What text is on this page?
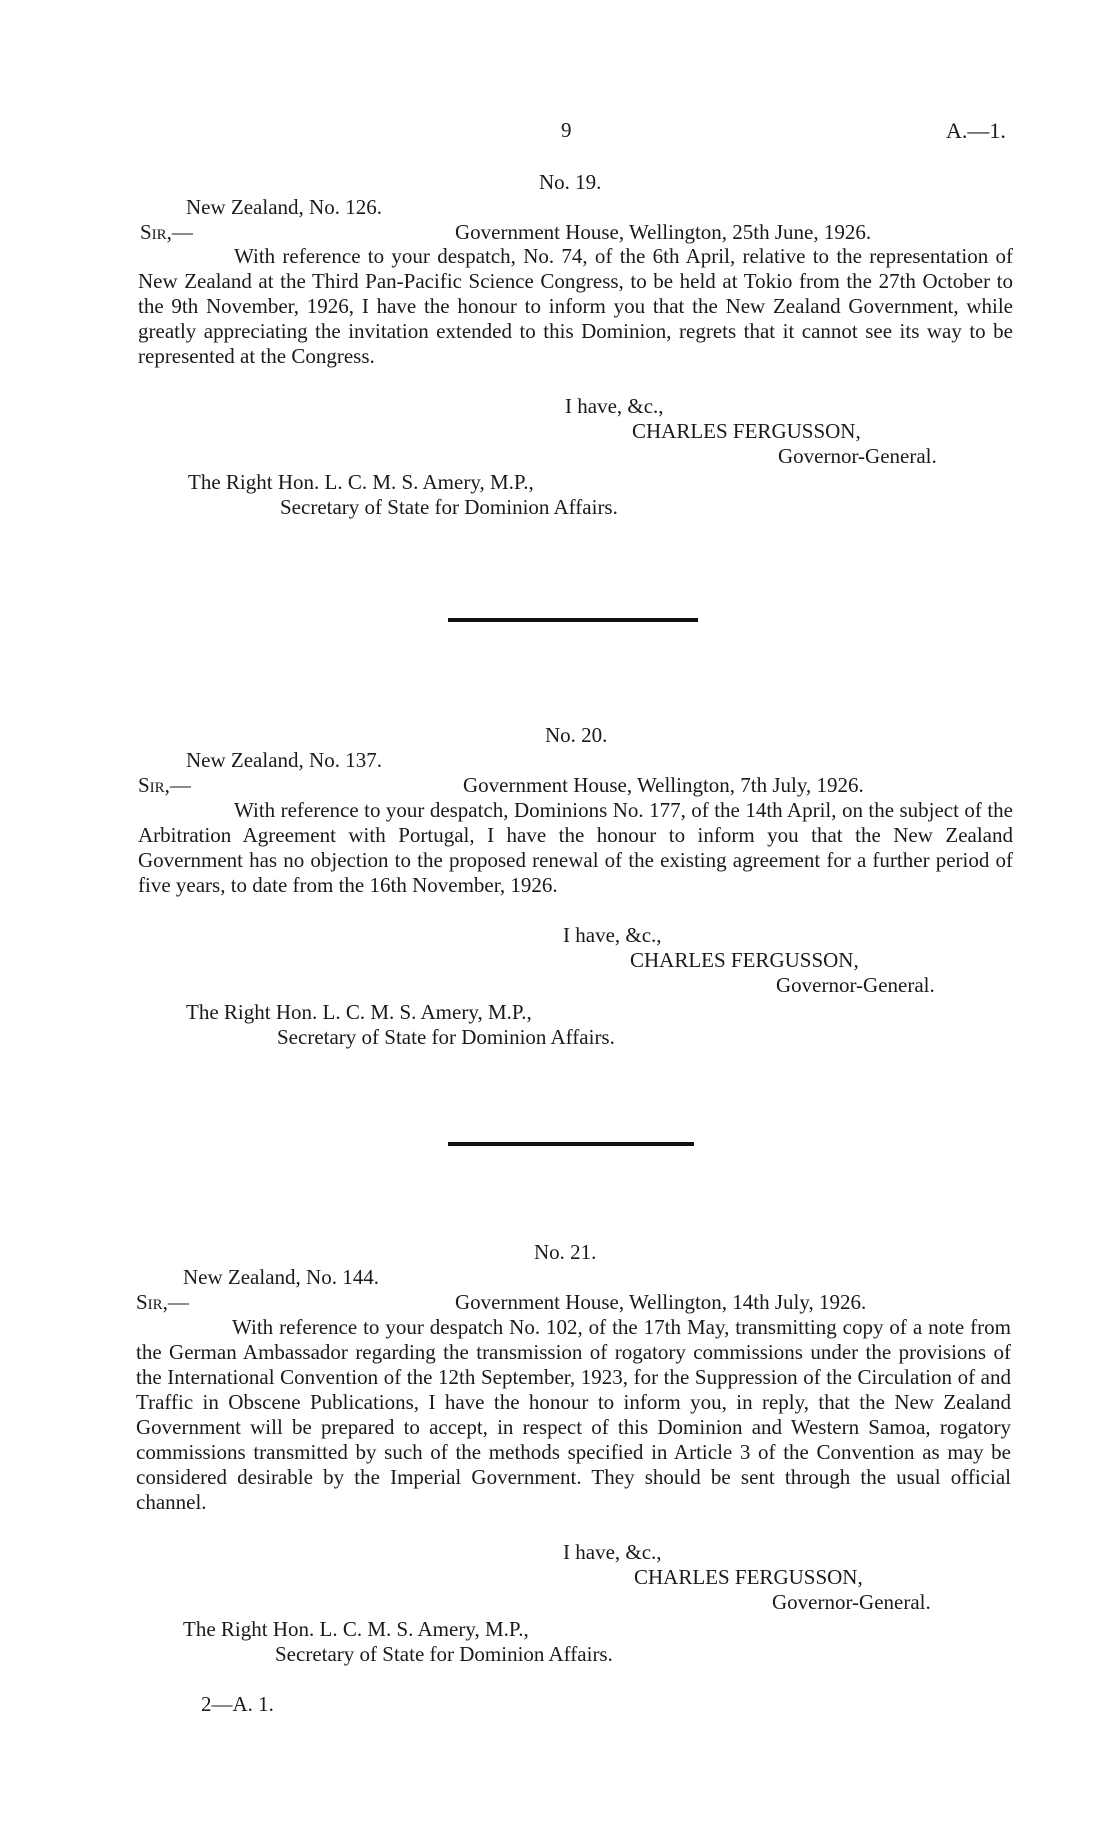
9	A.—1.
No. 19.
New Zealand, No. 126.
Sir,—	Government House, Wellington, 25th June, 1926.
With reference to your despatch, No. 74, of the 6th April, relative to the representation of New Zealand at the Third Pan-Pacific Science Congress, to be held at Tokio from the 27th October to the 9th November, 1926, I have the honour to inform you that the New Zealand Government, while greatly appreciating the invitation extended to this Dominion, regrets that it cannot see its way to be represented at the Congress.
I have, &c.,
CHARLES FERGUSSON,
Governor-General.
The Right Hon. L. C. M. S. Amery, M.P.,
Secretary of State for Dominion Affairs.
No. 20.
New Zealand, No. 137.
Sir,—	Government House, Wellington, 7th July, 1926.
With reference to your despatch, Dominions No. 177, of the 14th April, on the subject of the Arbitration Agreement with Portugal, I have the honour to inform you that the New Zealand Government has no objection to the proposed renewal of the existing agreement for a further period of five years, to date from the 16th November, 1926.
I have, &c.,
CHARLES FERGUSSON,
Governor-General.
The Right Hon. L. C. M. S. Amery, M.P.,
Secretary of State for Dominion Affairs.
No. 21.
New Zealand, No. 144.
Sir,—	Government House, Wellington, 14th July, 1926.
With reference to your despatch No. 102, of the 17th May, transmitting copy of a note from the German Ambassador regarding the transmission of rogatory commissions under the provisions of the International Convention of the 12th September, 1923, for the Suppression of the Circulation of and Traffic in Obscene Publications, I have the honour to inform you, in reply, that the New Zealand Government will be prepared to accept, in respect of this Dominion and Western Samoa, rogatory commissions transmitted by such of the methods specified in Article 3 of the Convention as may be considered desirable by the Imperial Government. They should be sent through the usual official channel.
I have, &c.,
CHARLES FERGUSSON,
Governor-General.
The Right Hon. L. C. M. S. Amery, M.P.,
Secretary of State for Dominion Affairs.
2—A. 1.
